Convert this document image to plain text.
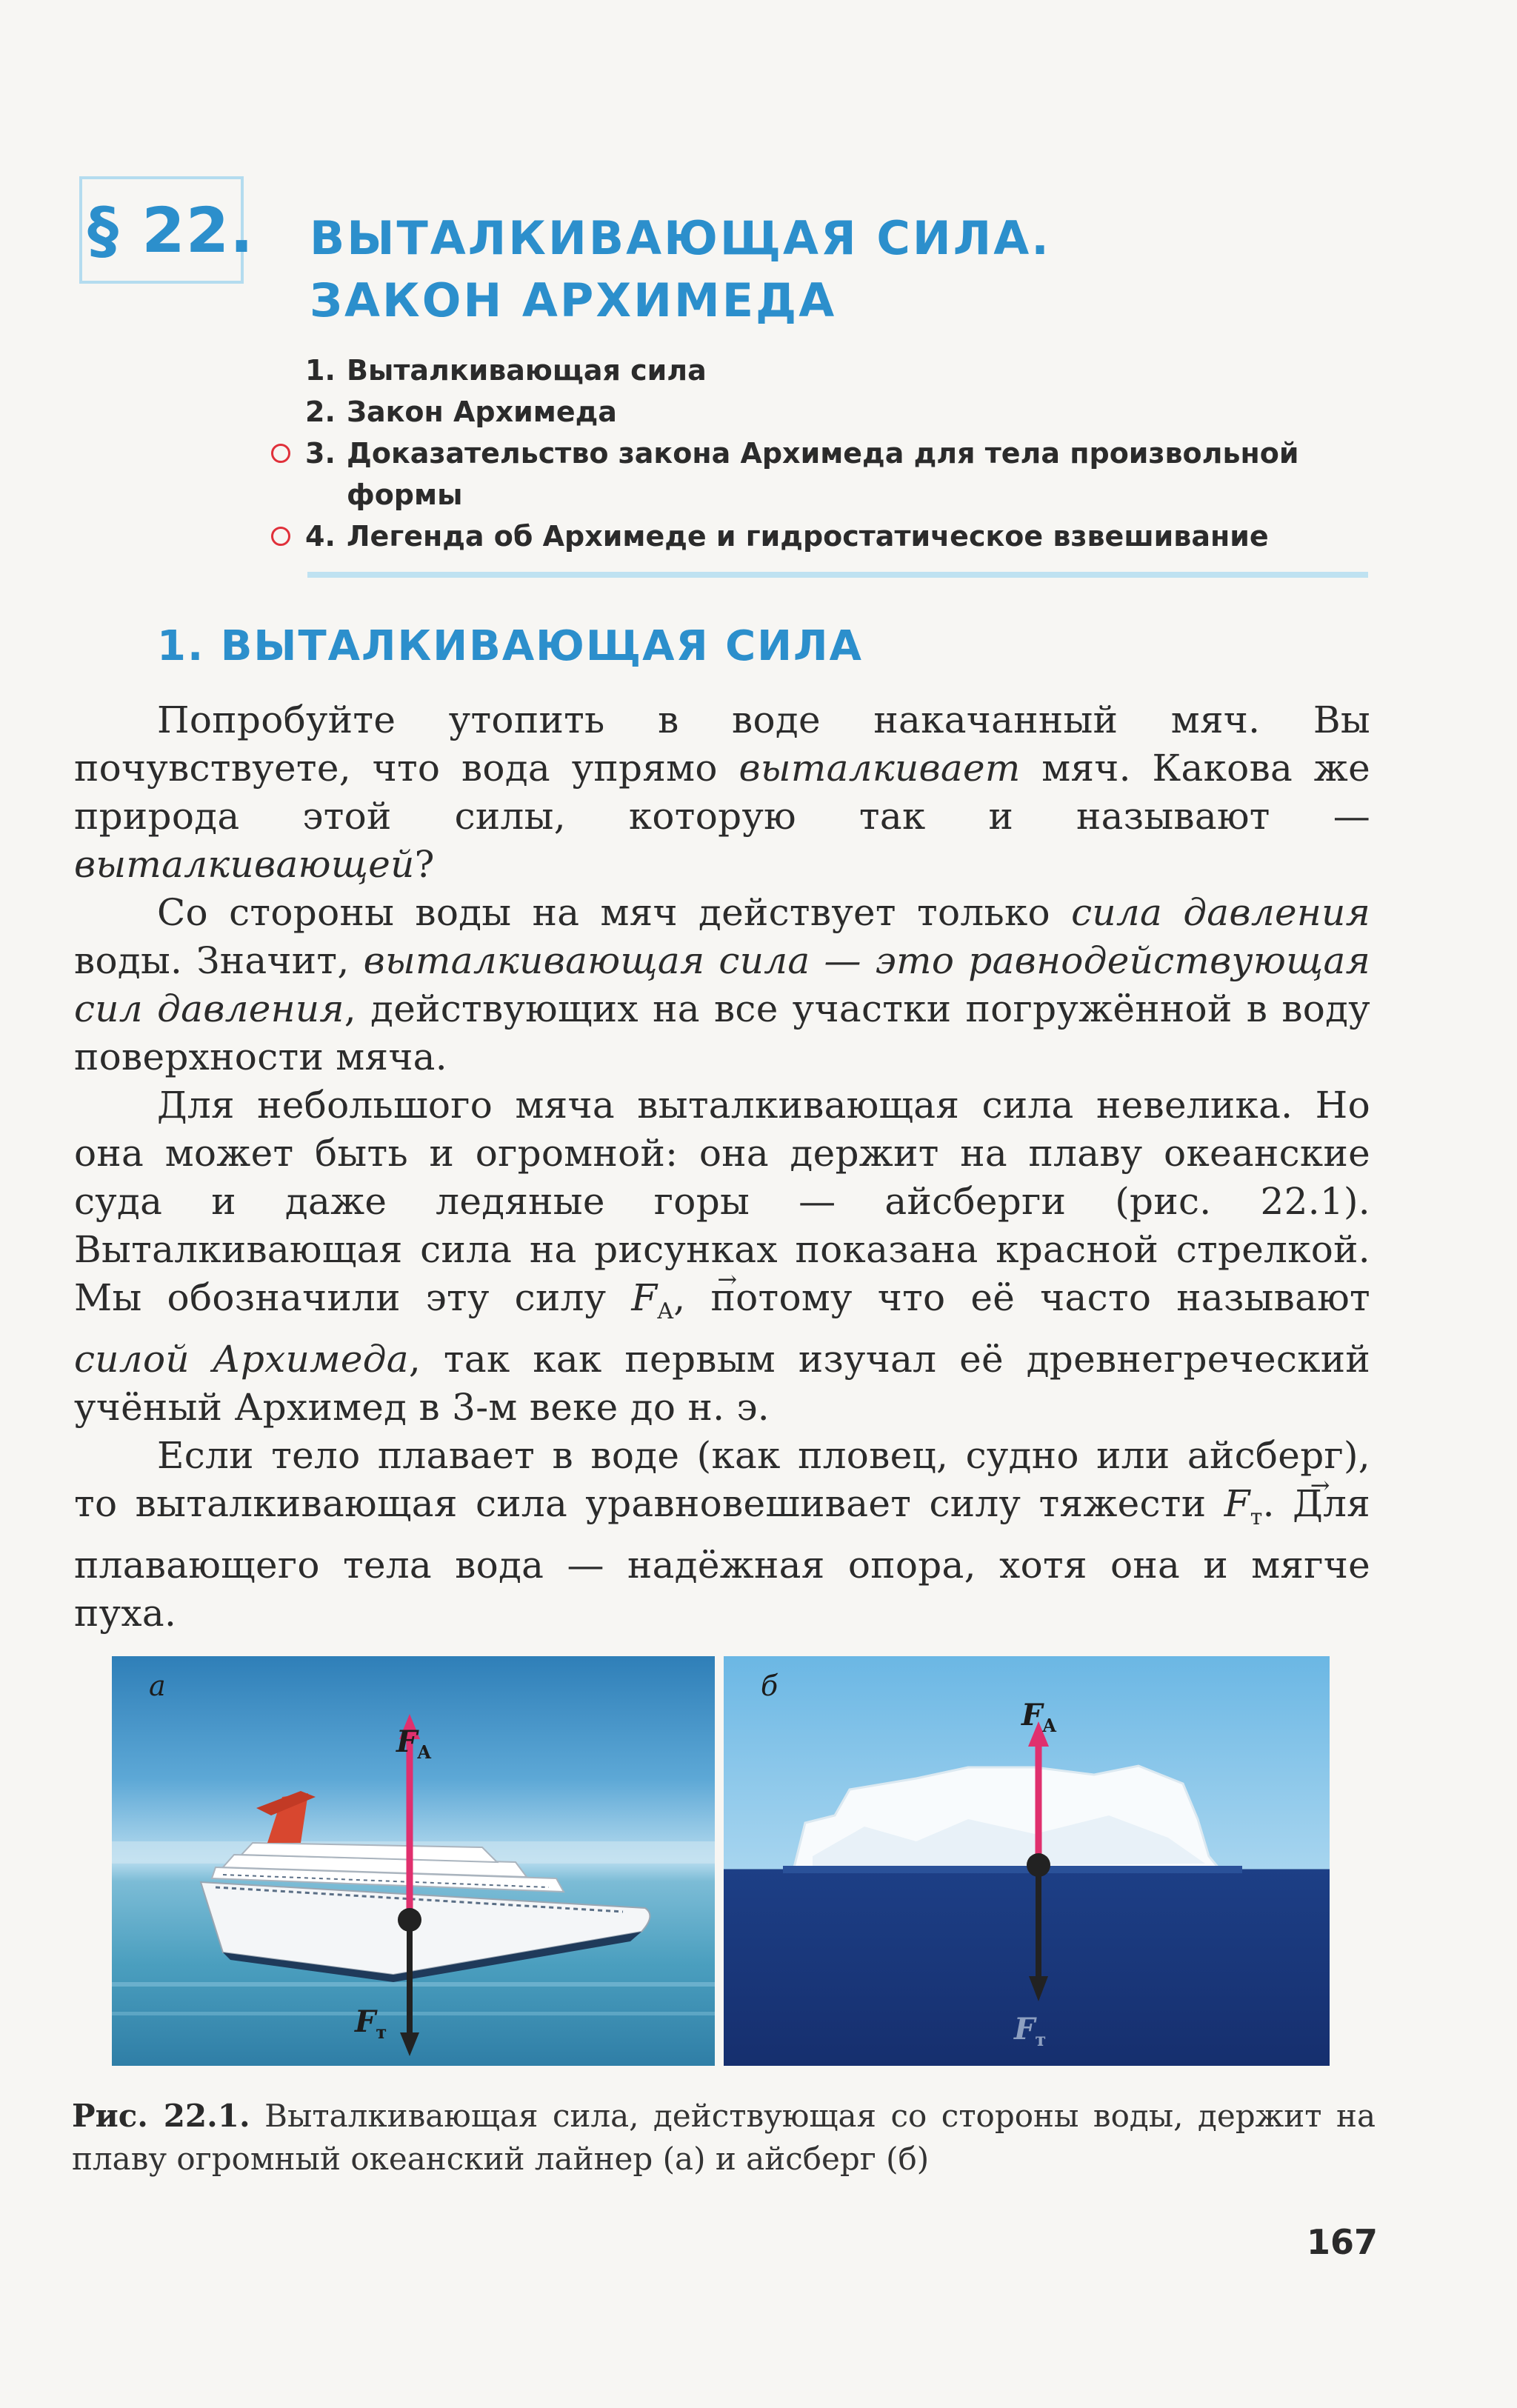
§ 22. ВЫТАЛКИВАЮЩАЯ СИЛА.
ЗАКОН АРХИМЕДА
1. Выталкивающая сила
2. Закон Архимеда
3. Доказательство закона Архимеда для тела произвольной формы
4. Легенда об Архимеде и гидростатическое взвешивание
1. ВЫТАЛКИВАЮЩАЯ СИЛА

Попробуйте утопить в воде накачанный мяч. Вы почувствуете, что вода упрямо выталкивает мяч. Какова же природа этой силы, которую так и называют — выталкивающей?

Со стороны воды на мяч действует только сила давления воды. Значит, выталкивающая сила — это равнодействующая сил давления, действующих на все участки погружённой в воду поверхности мяча.

Для небольшого мяча выталкивающая сила невелика. Но она может быть и огромной: она держит на плаву океанские суда и даже ледяные горы — айсберги (рис. 22.1). Выталкивающая сила на рисунках показана красной стрелкой. Мы обозначили эту силу → $F_A$, потому что её часто называют силой Архимеда, так как первым изучал её древнегреческий учёный Архимед в 3-м веке до н. э.

Если тело плавает в воде (как пловец, судно или айсберг), то выталкивающая сила уравновешивает силу тяжести → $F_т$. Для плавающего тела вода — надёжная опора, хотя она и мягче пуха.

а
$F_A$
$F_т$
б
$F_A$
$F_т$
Рис. 22.1. Выталкивающая сила, действующая со стороны воды, держит на плаву огромный океанский лайнер (а) и айсберг (б)
167
